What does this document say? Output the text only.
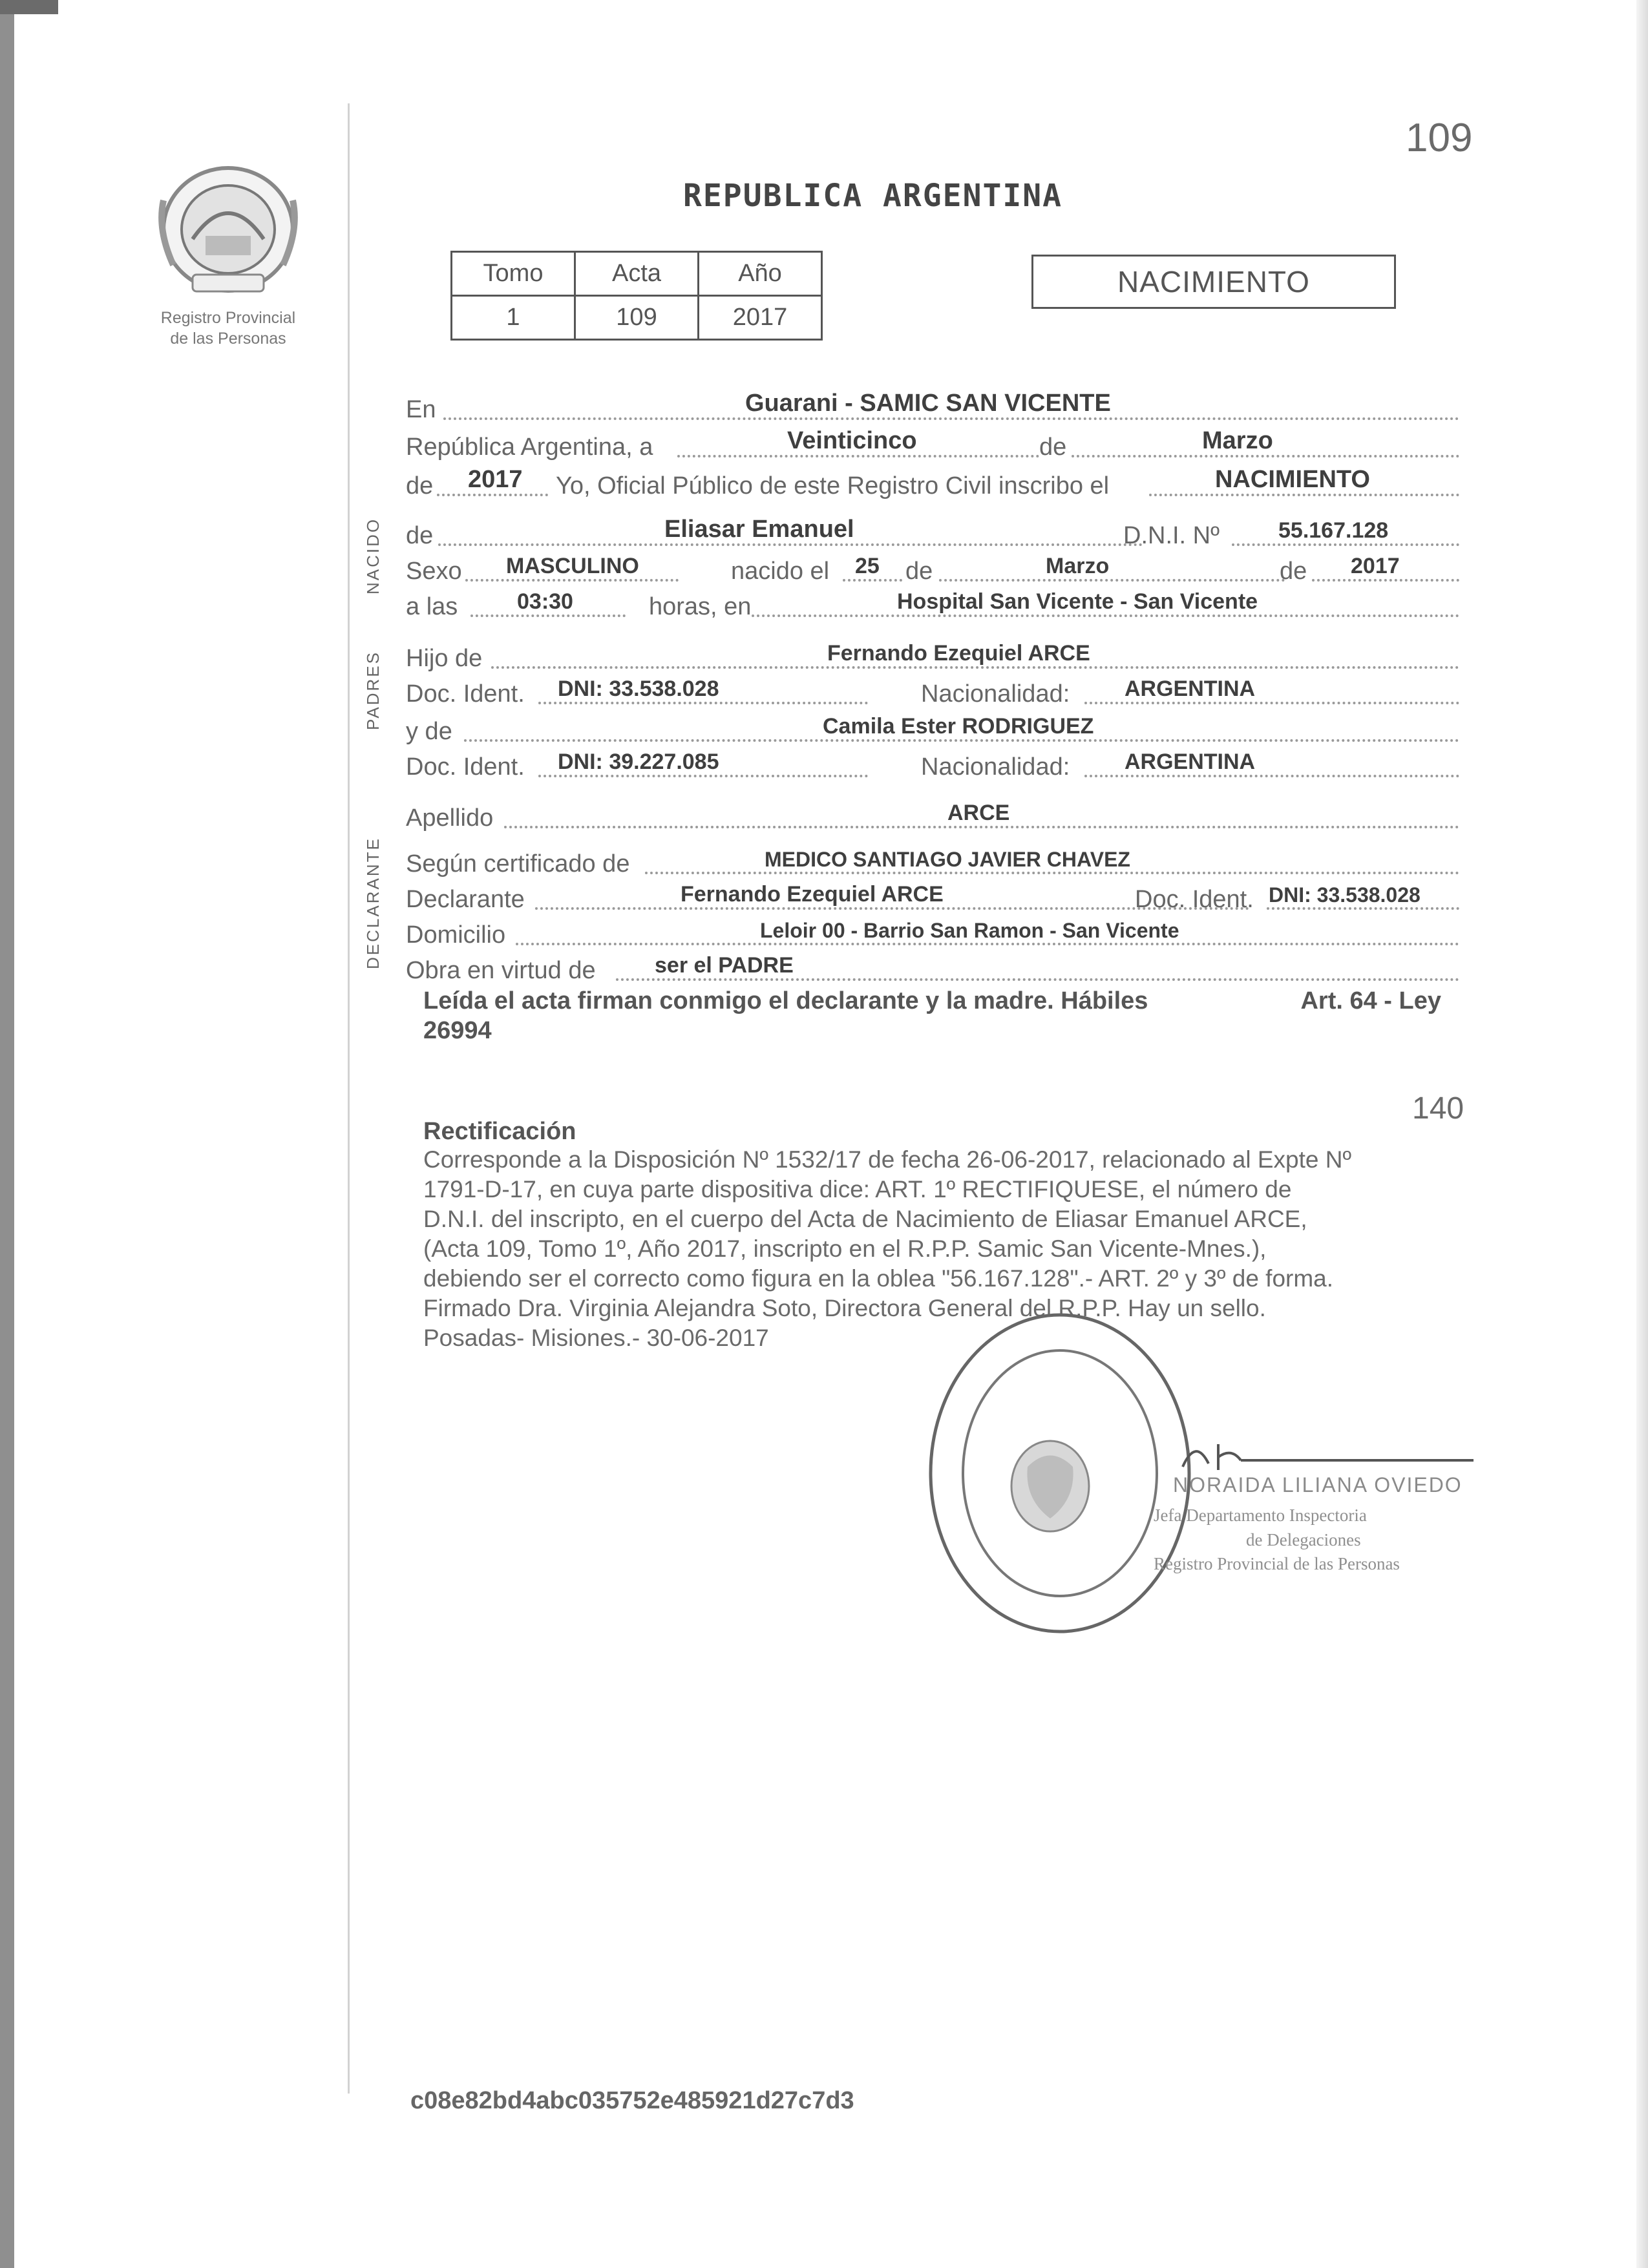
109
Registro Provincial
de las Personas
REPUBLICA ARGENTINA
Tomo	Acta	Año
1	109	2017
NACIMIENTO
NACIDO
PADRES
DECLARANTE
En	Guarani - SAMIC SAN VICENTE
República Argentina, a	Veinticinco	de	Marzo
de 2017 Yo, Oficial Público de este Registro Civil inscribo el	NACIMIENTO
de	Eliasar Emanuel	D.N.I. Nº	55.167.128
Sexo MASCULINO	nacido el 25 de	Marzo	de 2017
a las	03:30	horas, en	Hospital San Vicente - San Vicente
Hijo de	Fernando Ezequiel ARCE
Doc. Ident. DNI: 33.538.028	Nacionalidad: ARGENTINA
y de	Camila Ester RODRIGUEZ
Doc. Ident. DNI: 39.227.085	Nacionalidad: ARGENTINA
Apellido	ARCE
Según certificado de	MEDICO SANTIAGO JAVIER CHAVEZ
Declarante	Fernando Ezequiel ARCE	Doc. Ident. DNI: 33.538.028
Domicilio	Leloir 00 - Barrio San Ramon - San Vicente
Obra en virtud de	ser el PADRE
Leída el acta firman conmigo el declarante y la madre. Hábiles	Art. 64 - Ley
26994
140
Rectificación
Corresponde a la Disposición Nº 1532/17 de fecha 26-06-2017, relacionado al Expte Nº
1791-D-17, en cuya parte dispositiva dice: ART. 1º RECTIFIQUESE, el número de
D.N.I. del inscripto, en el cuerpo del Acta de Nacimiento de Eliasar Emanuel ARCE,
(Acta 109, Tomo 1º, Año 2017, inscripto en el R.P.P. Samic San Vicente-Mnes.),
debiendo ser el correcto como figura en la oblea "56.167.128".- ART. 2º y 3º de forma.
Firmado Dra. Virginia Alejandra Soto, Directora General del R.P.P. Hay un sello.
Posadas- Misiones.- 30-06-2017
NORAIDA LILIANA OVIEDO
Jefa Departamento Inspectoria
de Delegaciones
Registro Provincial de las Personas
c08e82bd4abc035752e485921d27c7d3
